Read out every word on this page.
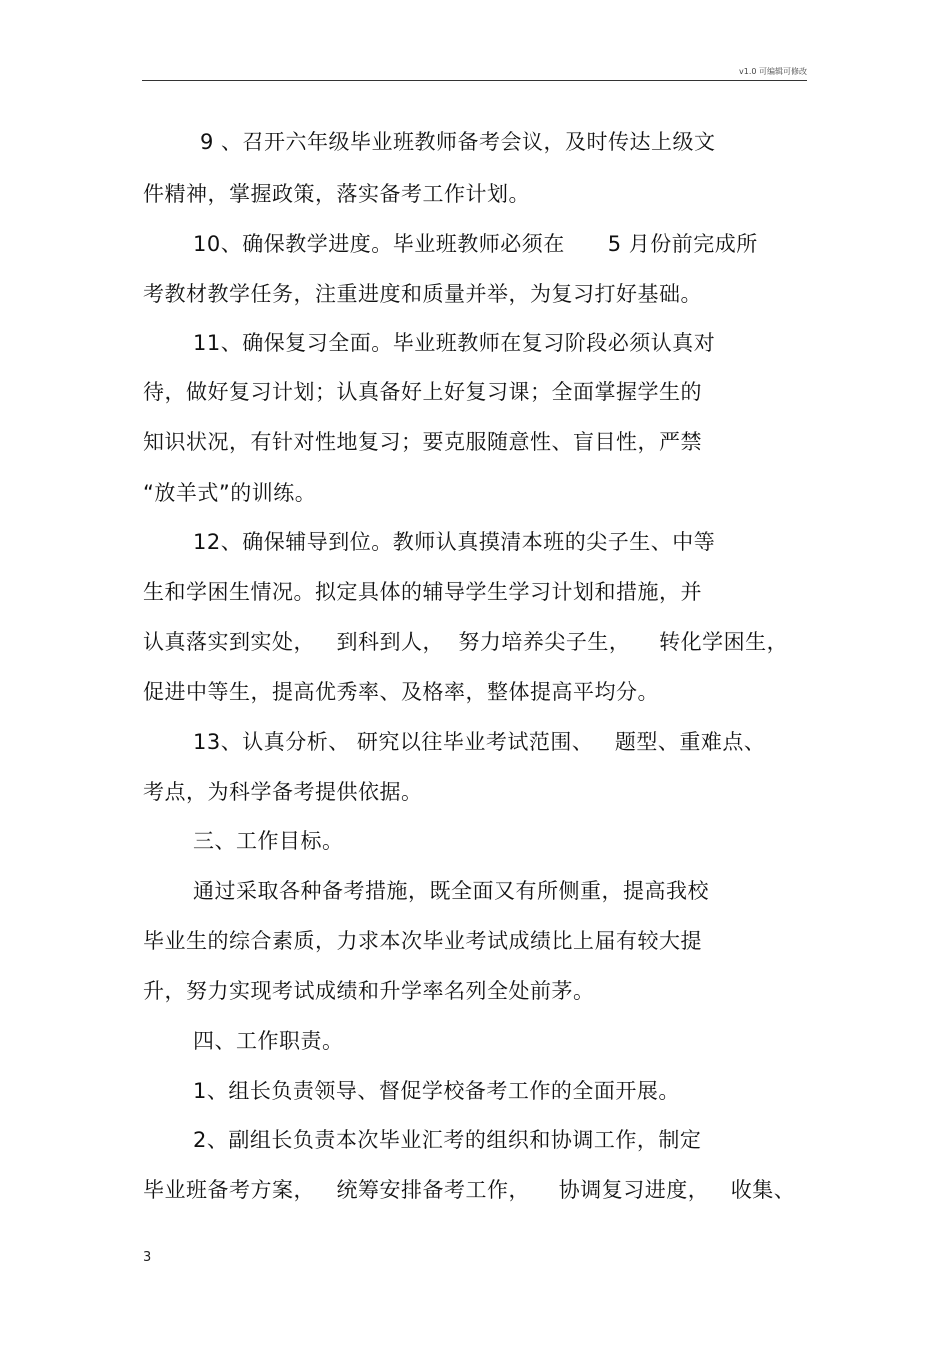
v1.0 可编辑可修改
9 、召开六年级毕业班教师备考会议，及时传达上级文
件精神，掌握政策，落实备考工作计划。
10、确保教学进度。毕业班教师必须在      5 月份前完成所
考教材教学任务，注重进度和质量并举，为复习打好基础。
11、确保复习全面。毕业班教师在复习阶段必须认真对
待，做好复习计划；认真备好上好复习课；全面掌握学生的
知识状况，有针对性地复习；要克服随意性、盲目性，严禁
“放羊式”的训练。
12、确保辅导到位。教师认真摸清本班的尖子生、中等
生和学困生情况。拟定具体的辅导学生学习计划和措施，并
认真落实到实处，   到科到人，  努力培养尖子生，    转化学困生，
促进中等生，提高优秀率、及格率，整体提高平均分。
13、认真分析、 研究以往毕业考试范围、   题型、重难点、
考点，为科学备考提供依据。
三、工作目标。
通过采取各种备考措施，既全面又有所侧重，提高我校
毕业生的综合素质，力求本次毕业考试成绩比上届有较大提
升，努力实现考试成绩和升学率名列全处前茅。
四、工作职责。
1、组长负责领导、督促学校备考工作的全面开展。
2、副组长负责本次毕业汇考的组织和协调工作，制定
毕业班备考方案，   统筹安排备考工作，    协调复习进度，   收集、
3
